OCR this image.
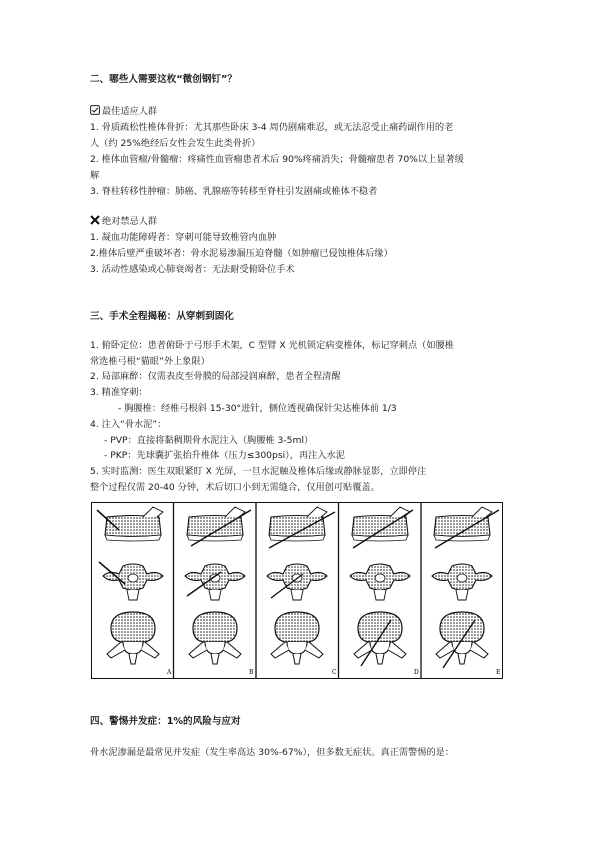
二、哪些人需要这枚“微创钢钉”？
最佳适应人群
1. 骨质疏松性椎体骨折：尤其那些卧床 3-4 周仍剧痛难忍，或无法忍受止痛药副作用的老
人（约 25%绝经后女性会发生此类骨折）
2. 椎体血管瘤/骨髓瘤：疼痛性血管瘤患者术后 90%疼痛消失；骨髓瘤患者 70%以上显著缓
解
3. 脊柱转移性肿瘤：肺癌、乳腺癌等转移至脊柱引发剧痛或椎体不稳者
绝对禁忌人群
1. 凝血功能障碍者：穿刺可能导致椎管内血肿
2.椎体后壁严重破坏者：骨水泥易渗漏压迫脊髓（如肿瘤已侵蚀椎体后缘）
3. 活动性感染或心肺衰竭者：无法耐受俯卧位手术
三、手术全程揭秘：从穿刺到固化
1. 俯卧定位：患者俯卧于弓形手术架，C 型臂 X 光机锁定病变椎体，标记穿刺点（如腰椎
常选椎弓根“猫眼”外上象限）
2. 局部麻醉：仅需表皮至骨膜的局部浸润麻醉，患者全程清醒
3. 精准穿刺：
- 胸腰椎：经椎弓根斜 15-30°进针，侧位透视确保针尖达椎体前 1/3
4. 注入“骨水泥”：
- PVP：直接将黏稠期骨水泥注入（胸腰椎 3-5ml）
- PKP：先球囊扩张抬升椎体（压力≤300psi），再注入水泥
5. 实时监测：医生双眼紧盯 X 光屏，一旦水泥触及椎体后缘或静脉显影，立即停注
整个过程仅需 20-40 分钟，术后切口小到无需缝合，仅用创可贴覆盖。
A	B	C	D	E
四、警惕并发症：1%的风险与应对
骨水泥渗漏是最常见并发症（发生率高达 30%-67%），但多数无症状。真正需警惕的是：
